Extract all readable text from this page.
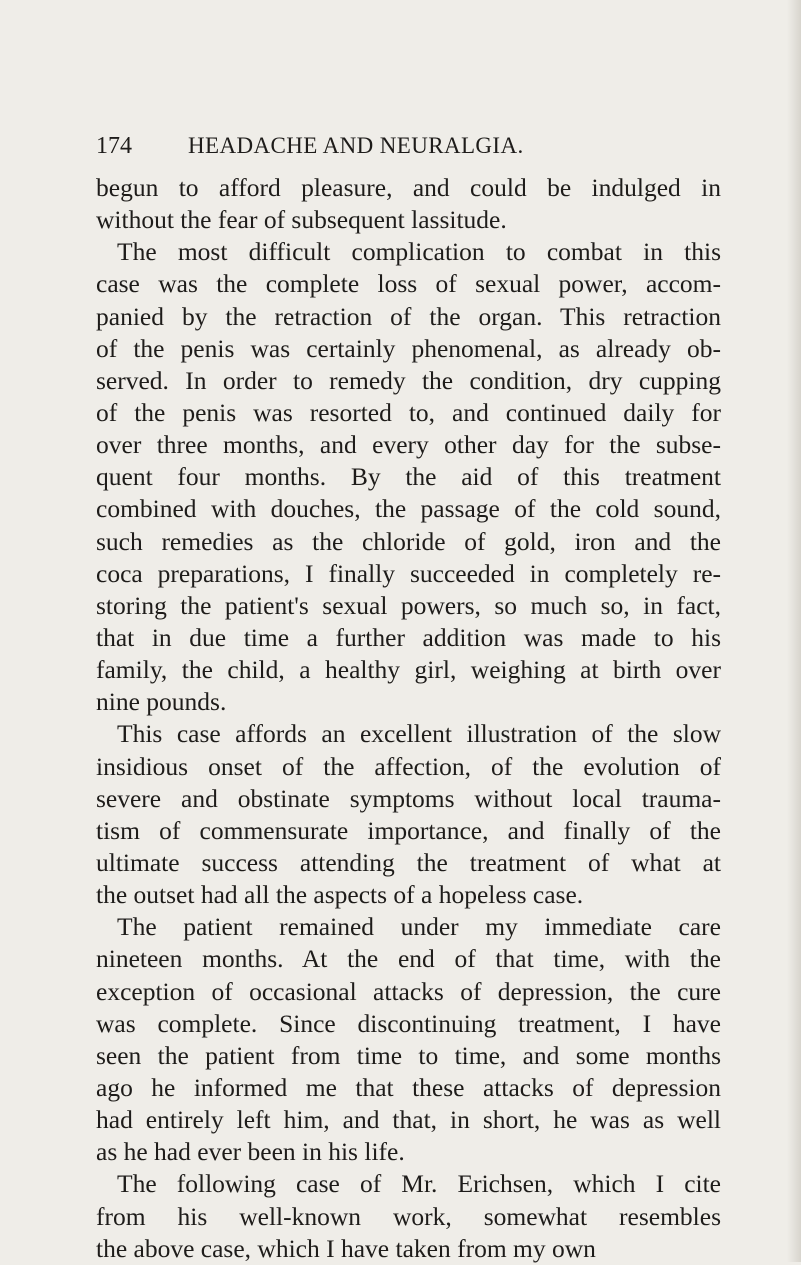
174 HEADACHE AND NEURALGIA.
begun to afford pleasure, and could be indulged in
without the fear of subsequent lassitude.
The most difficult complication to combat in this
case was the complete loss of sexual power, accom-
panied by the retraction of the organ. This retraction
of the penis was certainly phenomenal, as already ob-
served. In order to remedy the condition, dry cupping
of the penis was resorted to, and continued daily for
over three months, and every other day for the subse-
quent four months. By the aid of this treatment
combined with douches, the passage of the cold sound,
such remedies as the chloride of gold, iron and the
coca preparations, I finally succeeded in completely re-
storing the patient's sexual powers, so much so, in fact,
that in due time a further addition was made to his
family, the child, a healthy girl, weighing at birth over
nine pounds.
This case affords an excellent illustration of the slow
insidious onset of the affection, of the evolution of
severe and obstinate symptoms without local trauma-
tism of commensurate importance, and finally of the
ultimate success attending the treatment of what at
the outset had all the aspects of a hopeless case.
The patient remained under my immediate care
nineteen months. At the end of that time, with the
exception of occasional attacks of depression, the cure
was complete. Since discontinuing treatment, I have
seen the patient from time to time, and some months
ago he informed me that these attacks of depression
had entirely left him, and that, in short, he was as well
as he had ever been in his life.
The following case of Mr. Erichsen, which I cite
from his well-known work, somewhat resembles
the above case, which I have taken from my own
